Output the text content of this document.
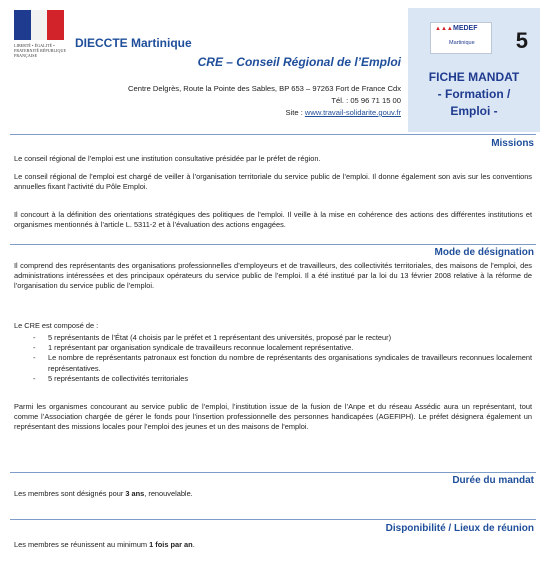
LIBERTÉ • ÉGALITÉ • FRATERNITÉ RÉPUBLIQUE FRANÇAISE
DIECCTE Martinique
CRE – Conseil Régional de l’Emploi
Centre Delgrès, Route la Pointe des Sables, BP 653 – 97263 Fort de France Cdx
Tél. : 05 96 71 15 00
Site : www.travail-solidarite.gouv.fr
▲▲▲ MEDEF
Martinique 5
FICHE MANDAT
- Formation /
Emploi -
Missions
Le conseil régional de l’emploi est une institution consultative présidée par le préfet de région.
Le conseil régional de l’emploi est chargé de veiller à l’organisation territoriale du service public de l’emploi. Il donne également son avis sur les conventions annuelles fixant l’activité du Pôle Emploi.
Il concourt à la définition des orientations stratégiques des politiques de l’emploi. Il veille à la mise en cohérence des actions des différentes institutions et organismes mentionnés à l’article L. 5311-2 et à l’évaluation des actions engagées.
Mode de désignation
Il comprend des représentants des organisations professionnelles d’employeurs et de travailleurs, des collectivités territoriales, des maisons de l’emploi, des administrations intéressées et des principaux opérateurs du service public de l’emploi. Il a été institué par la loi du 13 février 2008 relative à la réforme de l’organisation du service public de l’emploi.
Le CRE est composé de :
- 5 représentants de l’État (4 choisis par le préfet et 1 représentant des universités, proposé par le recteur)
- 1 représentant par organisation syndicale de travailleurs reconnue localement représentative.
- Le nombre de représentants patronaux est fonction du nombre de représentants des organisations syndicales de travailleurs reconnues localement représentatives.
- 5 représentants de collectivités territoriales
Parmi les organismes concourant au service public de l’emploi, l’institution issue de la fusion de l’Anpe et du réseau Assédic aura un représentant, tout comme l’Association chargée de gérer le fonds pour l’insertion professionnelle des personnes handicapées (AGEFIPH). Le préfet désignera également un représentant des missions locales pour l’emploi des jeunes et un des maisons de l’emploi.
Durée du mandat
Les membres sont désignés pour 3 ans, renouvelable.
Disponibilité / Lieux de réunion
Les membres se réunissent au minimum 1 fois par an.
